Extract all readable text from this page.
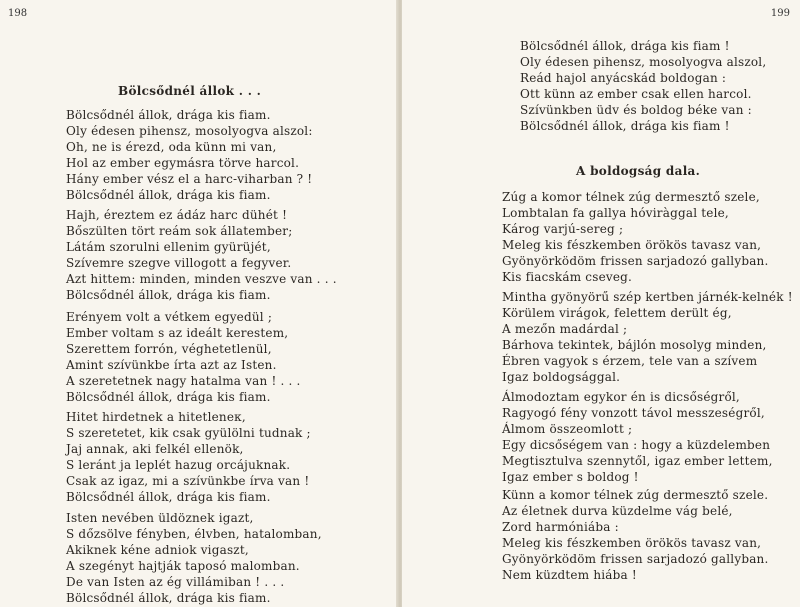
198
Bölcsődnél állok . . .
Bölcsődnél állok, drága kis fiam.
Oly édesen pihensz, mosolyogva alszol:
Oh, ne is érezd, oda künn mi van,
Hol az ember egymásra törve harcol.
Hány ember vész el a harc-viharban ? !
Bölcsődnél állok, drága kis fiam.
Hajh, éreztem ez ádáz harc dühét !
Bőszülten tört reám sok állatember;
Látám szorulni ellenim gyürüjét,
Szívemre szegve villogott a fegyver.
Azt hittem: minden, minden veszve van . . .
Bölcsődnél állok, drága kis fiam.
Erényem volt a vétkem egyedül ;
Ember voltam s az ideált kerestem,
Szerettem forrón, véghetetlenül,
Amint szívünkbe írta azt az Isten.
A szeretetnek nagy hatalma van ! . . .
Bölcsődnél állok, drága kis fiam.
Hitet hirdetnek a hitetleneк,
S szeretetet, kik csak gyülölni tudnak ;
Jaj annak, aki felkél ellenök,
S leránt ja leplét hazug orcájuknak.
Csak az igaz, mi a szívünkbe írva van !
Bölcsődnél állok, drága kis fiam.
Isten nevében üldöznek igazt,
S dőzsölve fényben, élvben, hatalomban,
Akiknek kéne adniok vigaszt,
A szegényt hajtják taposó malomban.
De van Isten az ég villámiban ! . . .
Bölcsődnél állok, drága kis fiam.
199
Bölcsődnél állok, drága kis fiam !
Oly édesen pihensz, mosolyogva alszol,
Reád hajol anyácskád boldogan :
Ott künn az ember csak ellen harcol.
Szívünkben üdv és boldog béke van :
Bölcsődnél állok, drága kis fiam !
A boldogság dala.
Zúg a komor télnek zúg dermesztő szele,
Lombtalan fa gallya hóviràggal tele,
Károg varjú-sereg ;
Meleg kis fészkemben örökös tavasz van,
Gyönyörködöm frissen sarjadozó gallyban.
Kis fiacskám cseveg.
Mintha gyönyörű szép kertben járnék-kelnék !
Körülem virágok, felettem derült ég,
A mezőn madárdal ;
Bárhova tekintek, bájlón mosolyg minden,
Ébren vagyok s érzem, tele van a szívem
Igaz boldogsággal.
Álmodoztam egykor én is dicsőségről,
Ragyogó fény vonzott távol messzeségről,
Álmom összeomlott ;
Egy dicsőségem van : hogy a küzdelemben
Megtisztulva szennytől, igaz ember lettem,
Igaz ember s boldog !
Künn a komor télnek zúg dermesztő szele.
Az életnek durva küzdelme vág belé,
Zord harmóniába :
Meleg kis fészkemben örökös tavasz van,
Gyönyörködöm frissen sarjadozó gallyban.
Nem küzdtem hiába !
